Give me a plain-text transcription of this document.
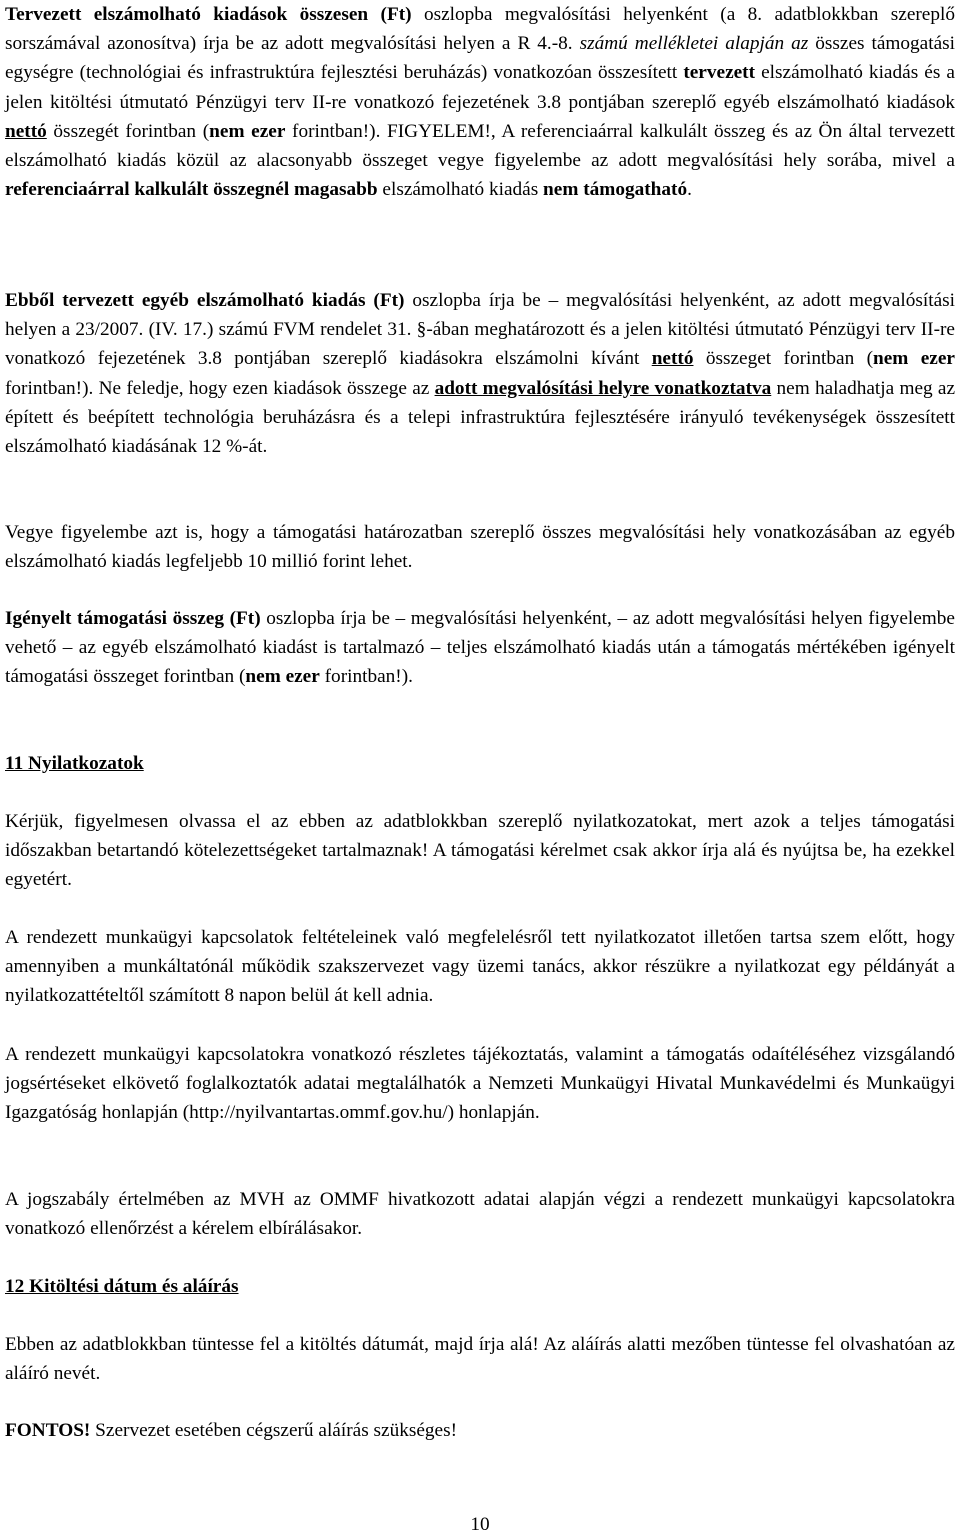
Tervezett elszámolható kiadások összesen (Ft) oszlopba megvalósítási helyenként (a 8. adatblokkban szereplő sorszámával azonosítva) írja be az adott megvalósítási helyen a R 4.-8. számú mellékletei alapján az összes támogatási egységre (technológiai és infrastruktúra fejlesztési beruházás) vonatkozóan összesített tervezett elszámolható kiadás és a jelen kitöltési útmutató Pénzügyi terv II-re vonatkozó fejezetének 3.8 pontjában szereplő egyéb elszámolható kiadások nettó összegét forintban (nem ezer forintban!). FIGYELEM!, A referenciaárral kalkulált összeg és az Ön által tervezett elszámolható kiadás közül az alacsonyabb összeget vegye figyelembe az adott megvalósítási hely sorába, mivel a referenciaárral kalkulált összegnél magasabb elszámolható kiadás nem támogatható.

Ebből tervezett egyéb elszámolható kiadás (Ft) oszlopba írja be – megvalósítási helyenként, az adott megvalósítási helyen a 23/2007. (IV. 17.) számú FVM rendelet 31. §-ában meghatározott és a jelen kitöltési útmutató Pénzügyi terv II-re vonatkozó fejezetének 3.8 pontjában szereplő kiadásokra elszámolni kívánt nettó összeget forintban (nem ezer forintban!). Ne feledje, hogy ezen kiadások összege az adott megvalósítási helyre vonatkoztatva nem haladhatja meg az épített és beépített technológia beruházásra és a telepi infrastruktúra fejlesztésére irányuló tevékenységek összesített elszámolható kiadásának 12 %-át.

Vegye figyelembe azt is, hogy a támogatási határozatban szereplő összes megvalósítási hely vonatkozásában az egyéb elszámolható kiadás legfeljebb 10 millió forint lehet.

Igényelt támogatási összeg (Ft) oszlopba írja be – megvalósítási helyenként, – az adott megvalósítási helyen figyelembe vehető – az egyéb elszámolható kiadást is tartalmazó – teljes elszámolható kiadás után a támogatás mértékében igényelt támogatási összeget forintban (nem ezer forintban!).

11 Nyilatkozatok

Kérjük, figyelmesen olvassa el az ebben az adatblokkban szereplő nyilatkozatokat, mert azok a teljes támogatási időszakban betartandó kötelezettségeket tartalmaznak! A támogatási kérelmet csak akkor írja alá és nyújtsa be, ha ezekkel egyetért.

A rendezett munkaügyi kapcsolatok feltételeinek való megfelelésről tett nyilatkozatot illetően tartsa szem előtt, hogy amennyiben a munkáltatónál működik szakszervezet vagy üzemi tanács, akkor részükre a nyilatkozat egy példányát a nyilatkozattételtől számított 8 napon belül át kell adnia.

A rendezett munkaügyi kapcsolatokra vonatkozó részletes tájékoztatás, valamint a támogatás odaítéléséhez vizsgálandó jogsértéseket elkövető foglalkoztatók adatai megtalálhatók a Nemzeti Munkaügyi Hivatal Munkavédelmi és Munkaügyi Igazgatóság honlapján (http://nyilvantartas.ommf.gov.hu/) honlapján.

A jogszabály értelmében az MVH az OMMF hivatkozott adatai alapján végzi a rendezett munkaügyi kapcsolatokra vonatkozó ellenőrzést a kérelem elbírálásakor.

12 Kitöltési dátum és aláírás

Ebben az adatblokkban tüntesse fel a kitöltés dátumát, majd írja alá! Az aláírás alatti mezőben tüntesse fel olvashatóan az aláíró nevét.

FONTOS! Szervezet esetében cégszerű aláírás szükséges!

10
